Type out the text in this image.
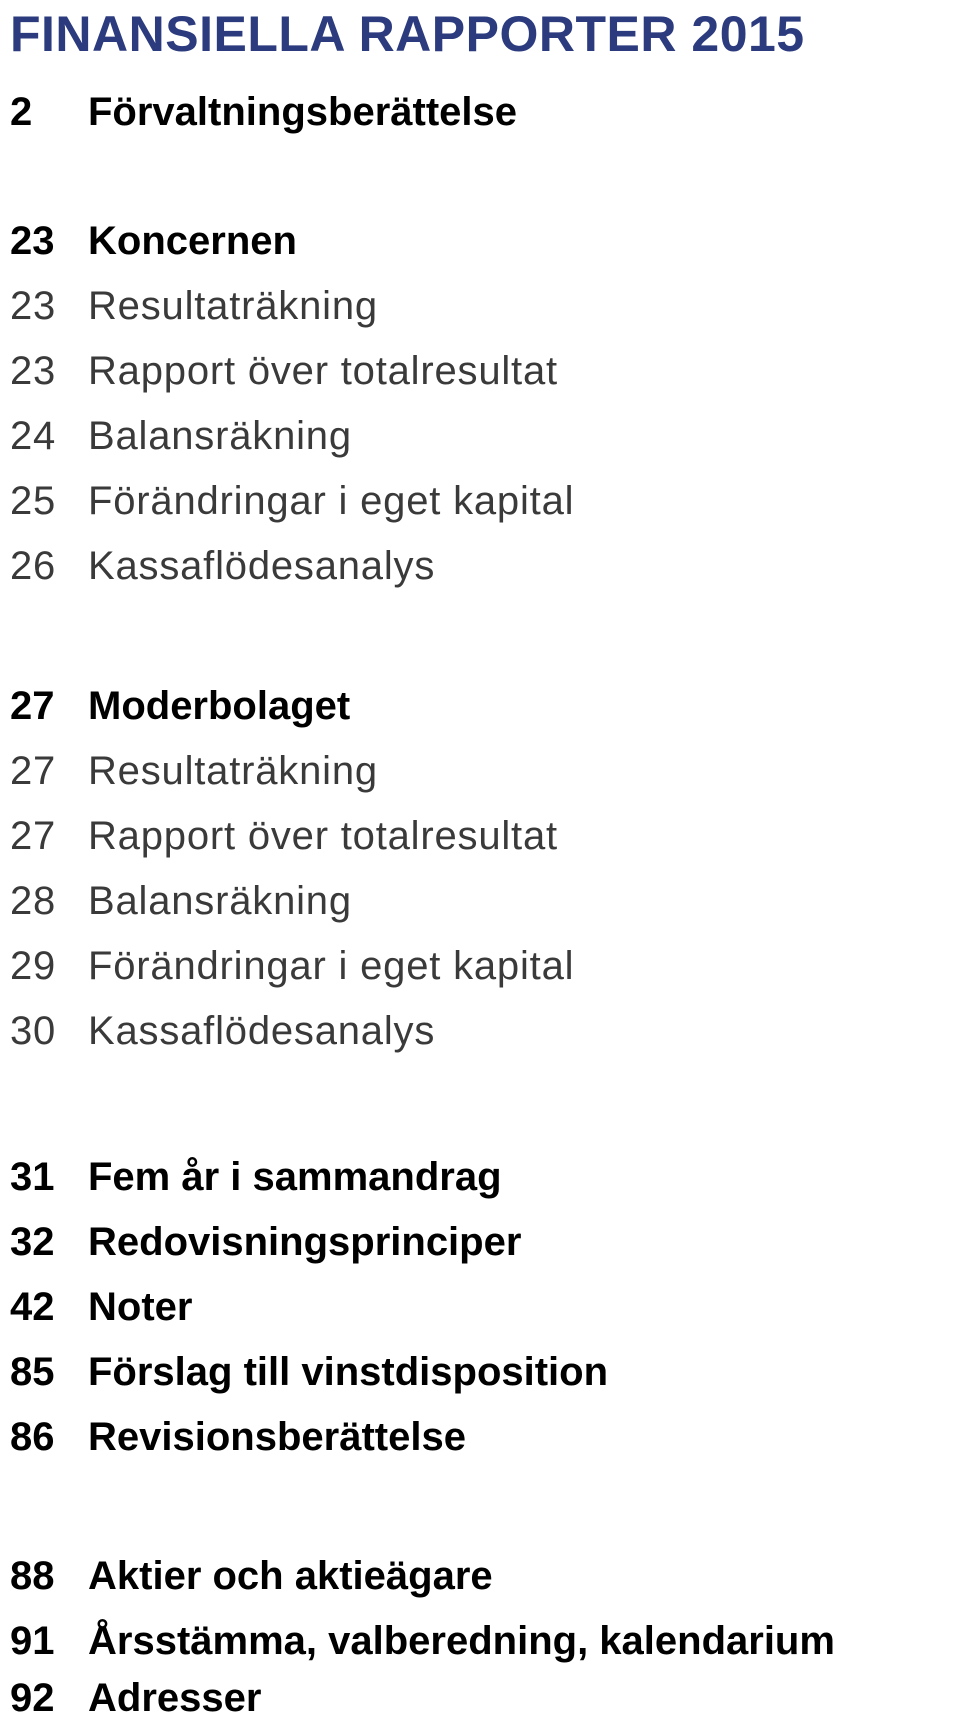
FINANSIELLA RAPPORTER 2015
2	Förvaltningsberättelse
23 Koncernen
23 Resultaträkning
23 Rapport över totalresultat
24 Balansräkning
25 Förändringar i eget kapital
26 Kassaflödesanalys
27 Moderbolaget
27 Resultaträkning
27 Rapport över totalresultat
28 Balansräkning
29 Förändringar i eget kapital
30 Kassaflödesanalys
31 Fem år i sammandrag
32 Redovisningsprinciper
42 Noter
85 Förslag till vinstdisposition
86 Revisionsberättelse
88 Aktier och aktieägare
91 Årsstämma, valberedning, kalendarium
92 Adresser
